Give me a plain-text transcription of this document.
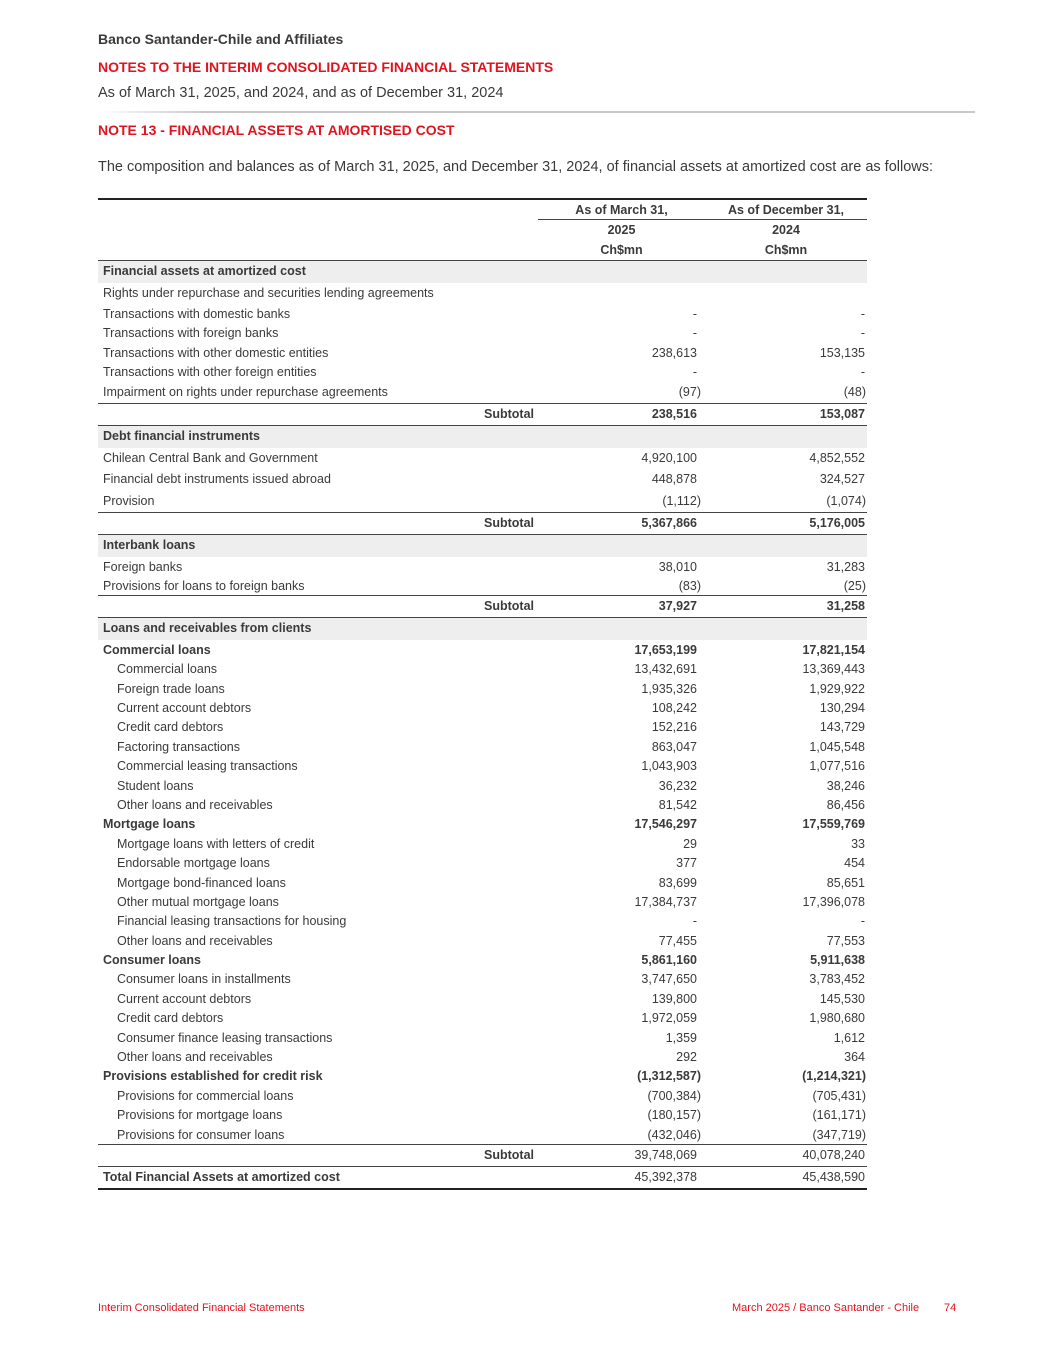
Banco Santander-Chile and Affiliates
NOTES TO THE INTERIM CONSOLIDATED FINANCIAL STATEMENTS
As of March 31, 2025, and 2024, and as of December 31, 2024
NOTE 13 - FINANCIAL ASSETS AT AMORTISED COST
The composition and balances as of March 31, 2025, and December 31, 2024, of financial assets at amortized cost are as follows:
As of March 31,	As of December 31,
2025	2024
Ch$mn	Ch$mn
Financial assets at amortized cost
Rights under repurchase and securities lending agreements
Transactions with domestic banks	-	-
Transactions with foreign banks	-	-
Transactions with other domestic entities	238,613	153,135
Transactions with other foreign entities	-	-
Impairment on rights under repurchase agreements	(97)	(48)
Subtotal	238,516	153,087
Debt financial instruments
Chilean Central Bank and Government	4,920,100	4,852,552
Financial debt instruments issued abroad	448,878	324,527
Provision	(1,112)	(1,074)
Subtotal	5,367,866	5,176,005
Interbank loans
Foreign banks	38,010	31,283
Provisions for loans to foreign banks	(83)	(25)
Subtotal	37,927	31,258
Loans and receivables from clients
Commercial loans	17,653,199	17,821,154
Commercial loans	13,432,691	13,369,443
Foreign trade loans	1,935,326	1,929,922
Current account debtors	108,242	130,294
Credit card debtors	152,216	143,729
Factoring transactions	863,047	1,045,548
Commercial leasing transactions	1,043,903	1,077,516
Student loans	36,232	38,246
Other loans and receivables	81,542	86,456
Mortgage loans	17,546,297	17,559,769
Mortgage loans with letters of credit	29	33
Endorsable mortgage loans	377	454
Mortgage bond-financed loans	83,699	85,651
Other mutual mortgage loans	17,384,737	17,396,078
Financial leasing transactions for housing	-	-
Other loans and receivables	77,455	77,553
Consumer loans	5,861,160	5,911,638
Consumer loans in installments	3,747,650	3,783,452
Current account debtors	139,800	145,530
Credit card debtors	1,972,059	1,980,680
Consumer finance leasing transactions	1,359	1,612
Other loans and receivables	292	364
Provisions established for credit risk	(1,312,587)	(1,214,321)
Provisions for commercial loans	(700,384)	(705,431)
Provisions for mortgage loans	(180,157)	(161,171)
Provisions for consumer loans	(432,046)	(347,719)
Subtotal	39,748,069	40,078,240
Total Financial Assets at amortized cost	45,392,378	45,438,590
Interim Consolidated Financial Statements	March 2025 / Banco Santander - Chile 74
